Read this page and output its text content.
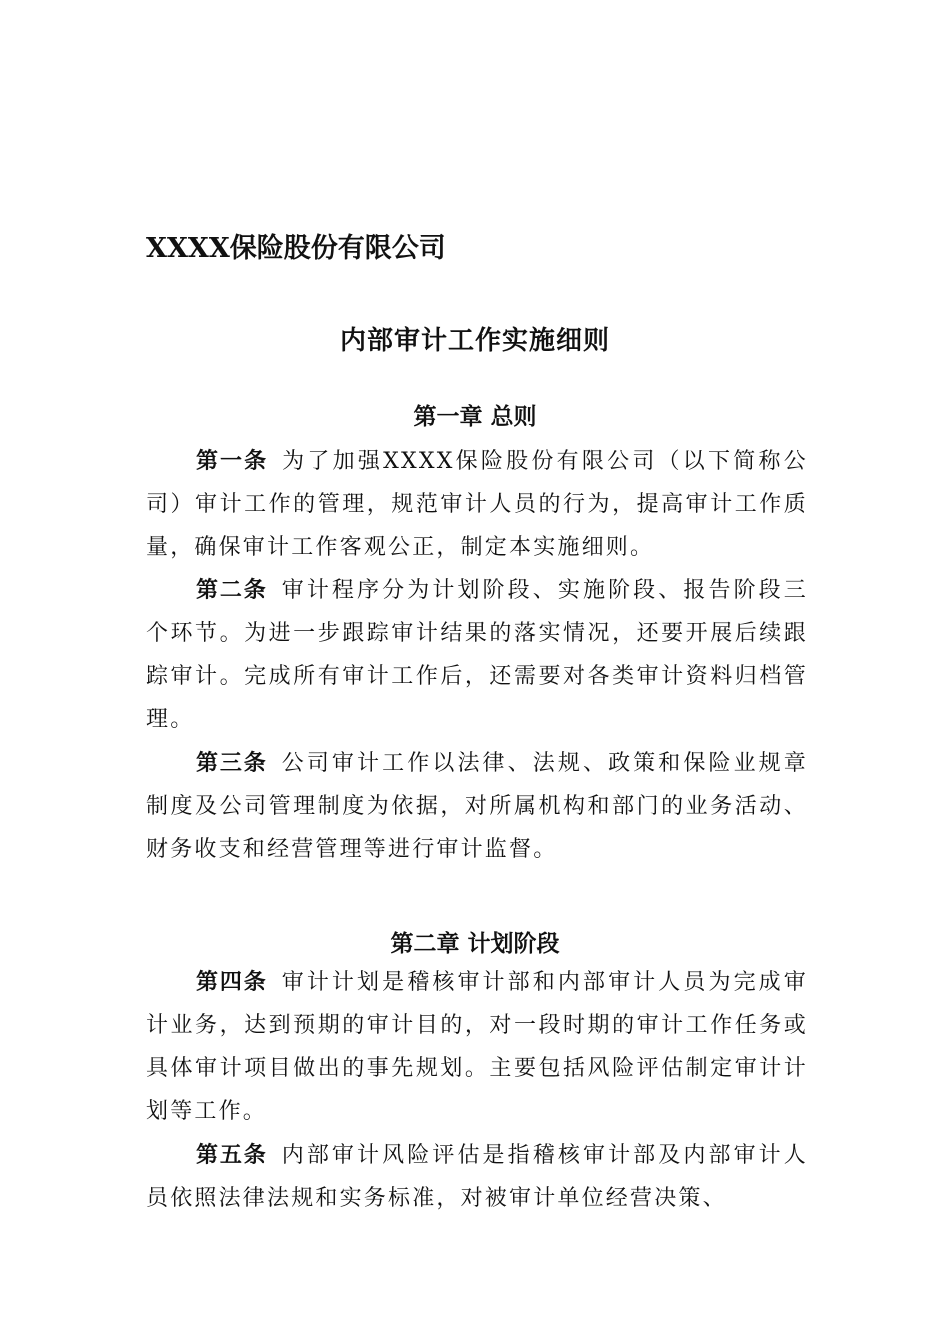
XXXX保险股份有限公司
内部审计工作实施细则
第一章 总则

第一条 为了加强XXXX保险股份有限公司（以下简称公司）审计工作的管理，规范审计人员的行为，提高审计工作质量，确保审计工作客观公正，制定本实施细则。

第二条 审计程序分为计划阶段、实施阶段、报告阶段三个环节。为进一步跟踪审计结果的落实情况，还要开展后续跟踪审计。完成所有审计工作后，还需要对各类审计资料归档管理。

第三条 公司审计工作以法律、法规、政策和保险业规章制度及公司管理制度为依据，对所属机构和部门的业务活动、财务收支和经营管理等进行审计监督。

第二章 计划阶段

第四条 审计计划是稽核审计部和内部审计人员为完成审计业务，达到预期的审计目的，对一段时期的审计工作任务或具体审计项目做出的事先规划。主要包括风险评估制定审计计划等工作。

第五条 内部审计风险评估是指稽核审计部及内部审计人员依照法律法规和实务标准，对被审计单位经营决策、
